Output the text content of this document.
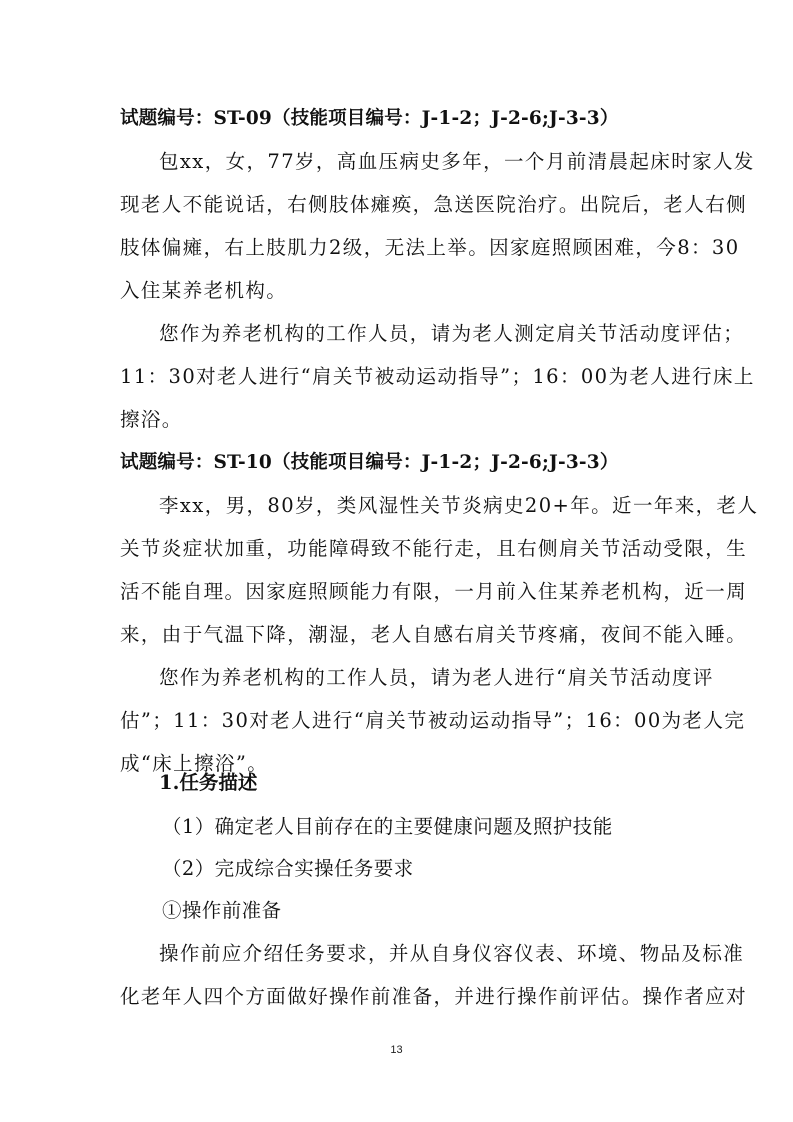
试题编号：ST-09（技能项目编号：J-1-2；J-2-6;J-3-3）
包xx，女，77岁，高血压病史多年，一个月前清晨起床时家人发
现老人不能说话，右侧肢体瘫痪，急送医院治疗。出院后，老人右侧
肢体偏瘫，右上肢肌力2级，无法上举。因家庭照顾困难，今8：30
入住某养老机构。
您作为养老机构的工作人员，请为老人测定肩关节活动度评估；
11：30对老人进行“肩关节被动运动指导”；16：00为老人进行床上
擦浴。
试题编号：ST-10（技能项目编号：J-1-2；J-2-6;J-3-3）
李xx，男，80岁，类风湿性关节炎病史20+年。近一年来，老人
关节炎症状加重，功能障碍致不能行走，且右侧肩关节活动受限，生
活不能自理。因家庭照顾能力有限，一月前入住某养老机构，近一周
来，由于气温下降，潮湿，老人自感右肩关节疼痛，夜间不能入睡。
您作为养老机构的工作人员，请为老人进行“肩关节活动度评
估”；11：30对老人进行“肩关节被动运动指导”；16：00为老人完
成“床上擦浴”。
1.任务描述
（1）确定老人目前存在的主要健康问题及照护技能
（2）完成综合实操任务要求
①操作前准备
操作前应介绍任务要求，并从自身仪容仪表、环境、物品及标准
化老年人四个方面做好操作前准备，并进行操作前评估。操作者应对
13
